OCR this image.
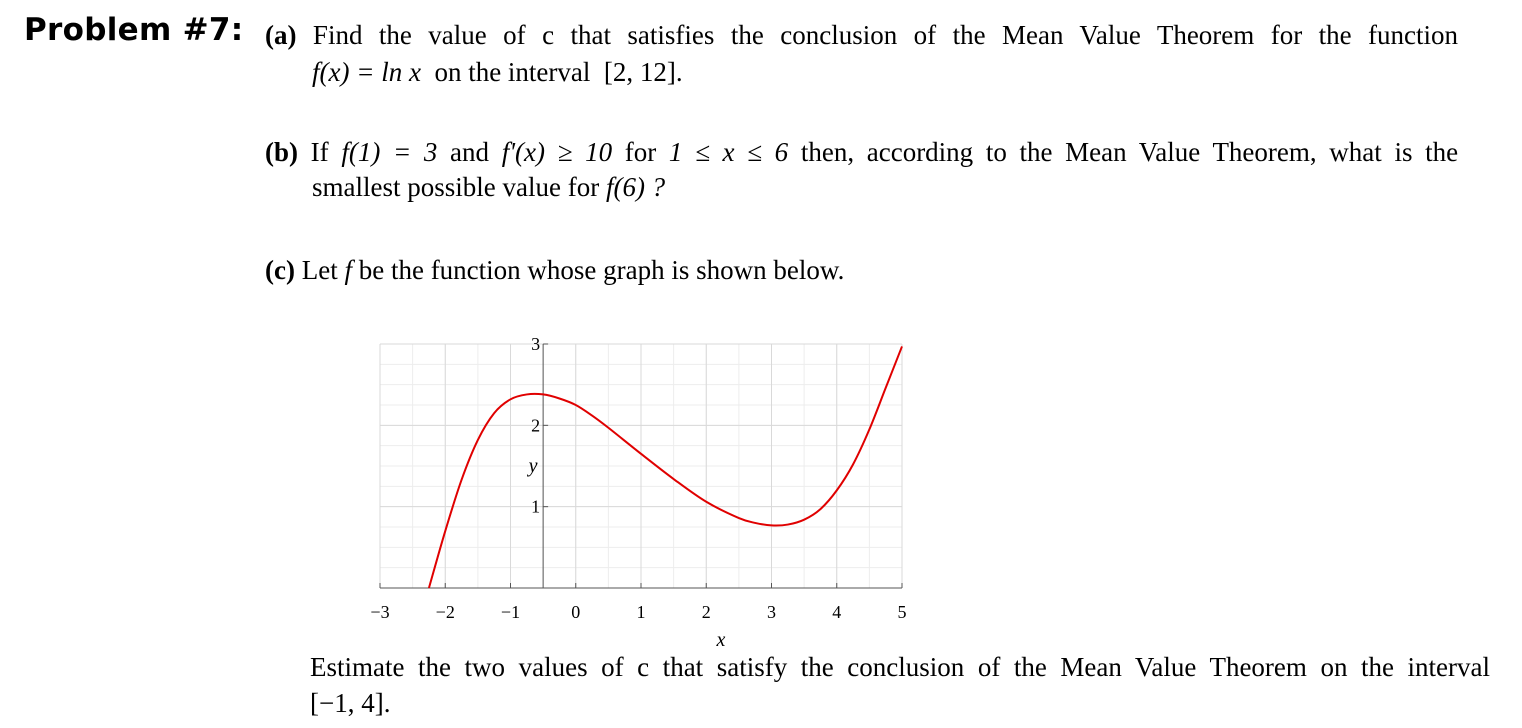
Problem #7: (a) Find the value of c that satisfies the conclusion of the Mean Value Theorem for the function
f(x) = ln x on the interval [2, 12].
(b) If f(1) = 3 and f'(x) ≥ 10 for 1 ≤ x ≤ 6 then, according to the Mean Value Theorem, what is the
smallest possible value for f(6) ?
(c) Let f be the function whose graph is shown below.
−3	−2	−1	0	1	2	3	4	5
1
2
3
x
y
Estimate the two values of c that satisfy the conclusion of the Mean Value Theorem on the interval
[−1, 4].
